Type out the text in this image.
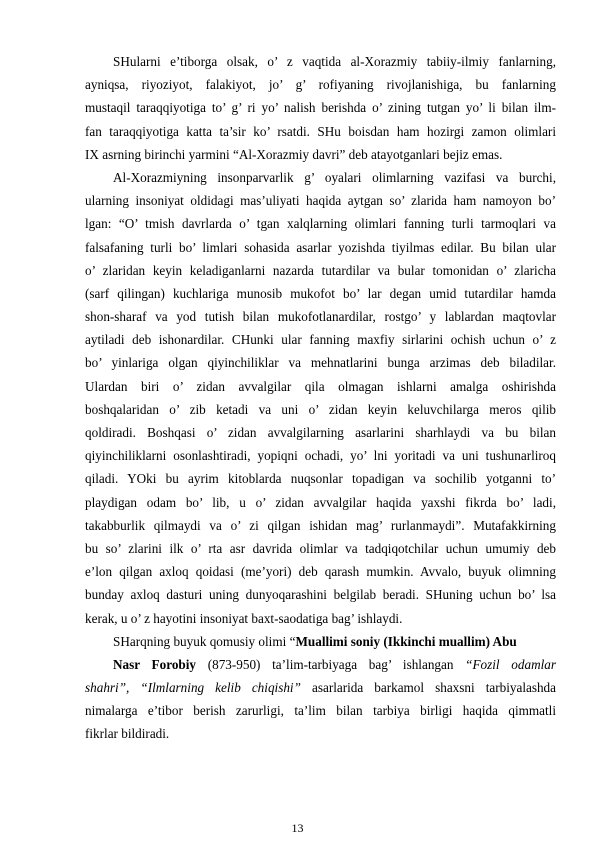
SHularni e’tiborga olsak, o’ z vaqtida al-Xorazmiy tabiiy-ilmiy fanlarning,
ayniqsa, riyoziyot, falakiyot, jo’ g’ rofiyaning rivojlanishiga, bu fanlarning
mustaqil taraqqiyotiga to’ g’ ri yo’ nalish berishda o’ zining tutgan yo’ li bilan ilm-
fan taraqqiyotiga katta ta’sir ko’ rsatdi. SHu boisdan ham hozirgi zamon olimlari
IX asrning birinchi yarmini “Al-Xorazmiy davri” deb atayotganlari bejiz emas.
Al-Xorazmiyning insonparvarlik g’ oyalari olimlarning vazifasi va burchi,
ularning insoniyat oldidagi mas’uliyati haqida aytgan so’ zlarida ham namoyon bo’
lgan: “O’ tmish davrlarda o’ tgan xalqlarning olimlari fanning turli tarmoqlari va
falsafaning turli bo’ limlari sohasida asarlar yozishda tiyilmas edilar. Bu bilan ular
o’ zlaridan keyin keladiganlarni nazarda tutardilar va bular tomonidan o’ zlaricha
(sarf qilingan) kuchlariga munosib mukofot bo’ lar degan umid tutardilar hamda
shon-sharaf va yod tutish bilan mukofotlanardilar, rostgo’ y lablardan maqtovlar
aytiladi deb ishonardilar. CHunki ular fanning maxfiy sirlarini ochish uchun o’ z
bo’ yinlariga olgan qiyinchiliklar va mehnatlarini bunga arzimas deb biladilar.
Ulardan biri o’ zidan avvalgilar qila olmagan ishlarni amalga oshirishda
boshqalaridan o’ zib ketadi va uni o’ zidan keyin keluvchilarga meros qilib
qoldiradi. Boshqasi o’ zidan avvalgilarning asarlarini sharhlaydi va bu bilan
qiyinchiliklarni osonlashtiradi, yopiqni ochadi, yo’ lni yoritadi va uni tushunarliroq
qiladi. YOki bu ayrim kitoblarda nuqsonlar topadigan va sochilib yotganni to’
playdigan odam bo’ lib, u o’ zidan avvalgilar haqida yaxshi fikrda bo’ ladi,
takabburlik qilmaydi va o’ zi qilgan ishidan mag’ rurlanmaydi”. Mutafakkirning
bu so’ zlarini ilk o’ rta asr davrida olimlar va tadqiqotchilar uchun umumiy deb
e’lon qilgan axloq qoidasi (me’yori) deb qarash mumkin. Avvalo, buyuk olimning
bunday axloq dasturi uning dunyoqarashini belgilab beradi. SHuning uchun bo’ lsa
kerak, u o’ z hayotini insoniyat baxt-saodatiga bag’ ishlaydi.
SHarqning buyuk qomusiy olimi “Muallimi soniy (Ikkinchi muallim) Abu
Nasr Forobiy (873-950) ta’lim-tarbiyaga bag’ ishlangan “Fozil odamlar
shahri”, “Ilmlarning kelib chiqishi” asarlarida barkamol shaxsni tarbiyalashda
nimalarga e’tibor berish zarurligi, ta’lim bilan tarbiya birligi haqida qimmatli
fikrlar bildiradi.
13
